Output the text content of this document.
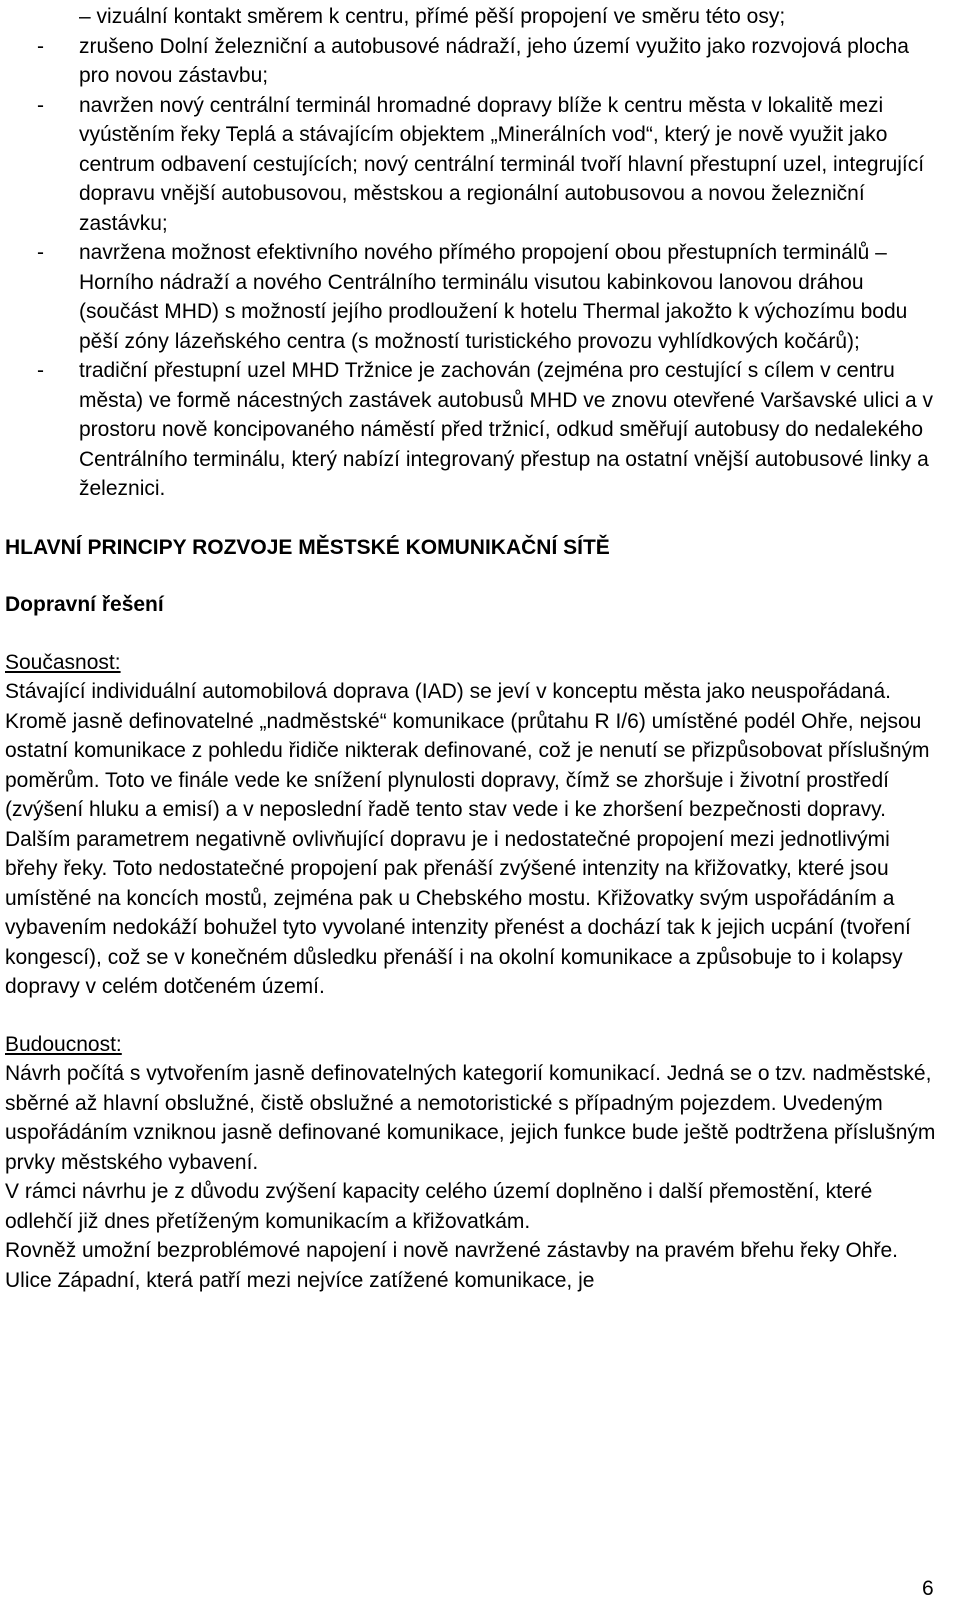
– vizuální kontakt směrem k centru, přímé pěší propojení ve směru této osy;
- zrušeno Dolní železniční a autobusové nádraží, jeho území využito jako rozvojová plocha pro novou zástavbu;
- navržen nový centrální terminál hromadné dopravy blíže k centru města v lokalitě mezi vyústěním řeky Teplá a stávajícím objektem „Minerálních vod“, který je nově využit jako centrum odbavení cestujících; nový centrální terminál tvoří hlavní přestupní uzel, integrující dopravu vnější autobusovou, městskou a regionální autobusovou a novou železniční zastávku;
- navržena možnost efektivního nového přímého propojení obou přestupních terminálů – Horního nádraží a nového Centrálního terminálu visutou kabinkovou lanovou dráhou (součást MHD) s možností jejího prodloužení k hotelu Thermal jakožto k výchozímu bodu pěší zóny lázeňského centra (s možností turistického provozu vyhlídkových kočárů);
- tradiční přestupní uzel MHD Tržnice je zachován (zejména pro cestující s cílem v centru města) ve formě nácestných zastávek autobusů MHD ve znovu otevřené Varšavské ulici a v prostoru nově koncipovaného náměstí před tržnicí, odkud směřují autobusy do nedalekého Centrálního terminálu, který nabízí integrovaný přestup na ostatní vnější autobusové linky a železnici.
HLAVNÍ PRINCIPY ROZVOJE MĚSTSKÉ KOMUNIKAČNÍ SÍTĚ
Dopravní řešení
Současnost:

Stávající individuální automobilová doprava (IAD) se jeví v konceptu města jako neuspořádaná. Kromě jasně definovatelné „nadměstské“ komunikace (průtahu R I/6) umístěné podél Ohře, nejsou ostatní komunikace z pohledu řidiče nikterak definované, což je nenutí se přizpůsobovat příslušným poměrům. Toto ve finále vede ke snížení plynulosti dopravy, čímž se zhoršuje i životní prostředí (zvýšení hluku a emisí) a v neposlední řadě tento stav vede i ke zhoršení bezpečnosti dopravy.

Dalším parametrem negativně ovlivňující dopravu je i nedostatečné propojení mezi jednotlivými břehy řeky. Toto nedostatečné propojení pak přenáší zvýšené intenzity na křižovatky, které jsou umístěné na koncích mostů, zejména pak u Chebského mostu. Křižovatky svým uspořádáním a vybavením nedokáží bohužel tyto vyvolané intenzity přenést a dochází tak k jejich ucpání (tvoření kongescí), což se v konečném důsledku přenáší i na okolní komunikace a způsobuje to i kolapsy dopravy v celém dotčeném území.

Budoucnost:

Návrh počítá s vytvořením jasně definovatelných kategorií komunikací. Jedná se o tzv. nadměstské, sběrné až hlavní obslužné, čistě obslužné a nemotoristické s případným pojezdem. Uvedeným uspořádáním vzniknou jasně definované komunikace, jejich funkce bude ještě podtržena příslušným prvky městského vybavení.

V rámci návrhu je z důvodu zvýšení kapacity celého území doplněno i další přemostění, které odlehčí již dnes přetíženým komunikacím a křižovatkám.

Rovněž umožní bezproblémové napojení i nově navržené zástavby na pravém břehu řeky Ohře. Ulice Západní, která patří mezi nejvíce zatížené komunikace, je

6
